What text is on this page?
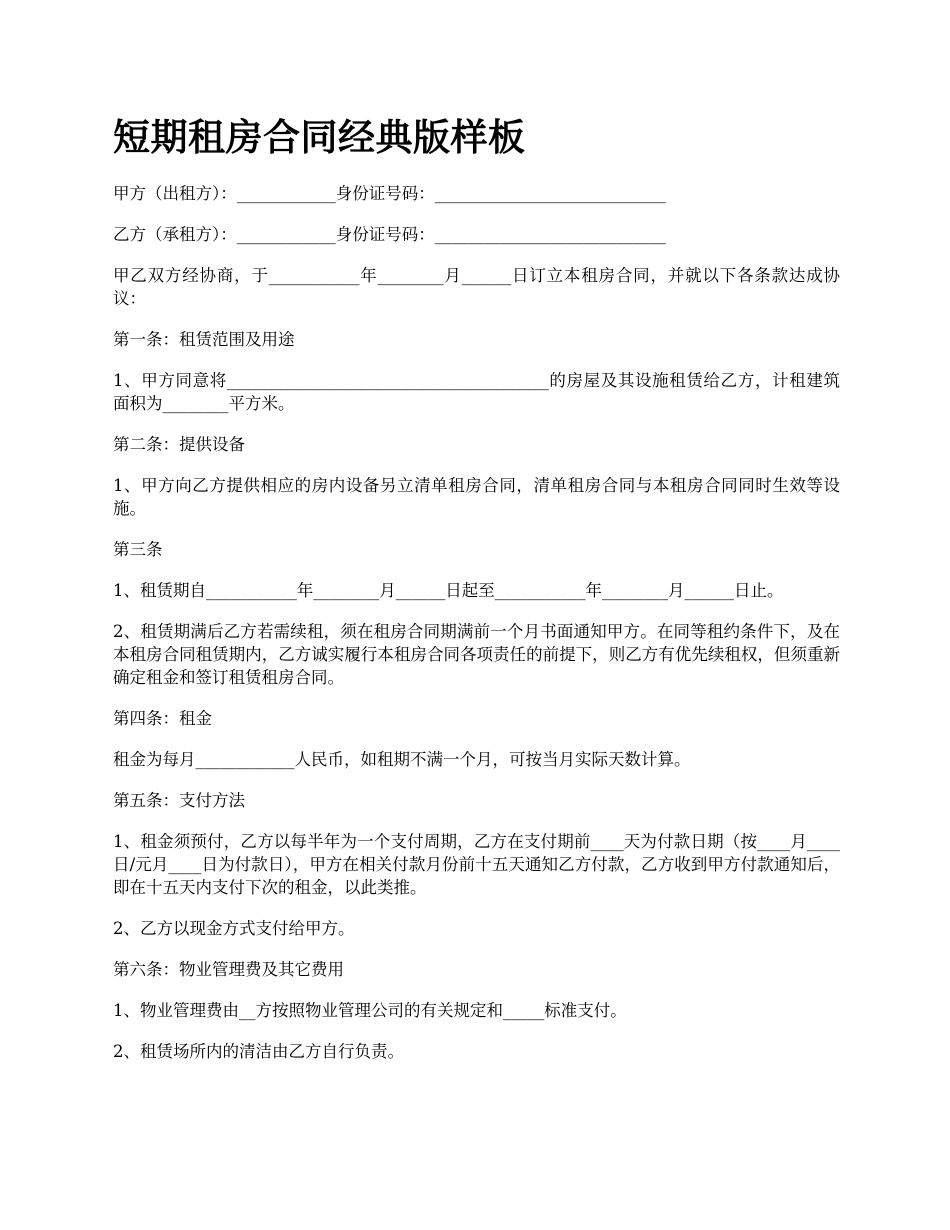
短期租房合同经典版样板

甲方（出租方）：____________身份证号码：____________________________

乙方（承租方）：____________身份证号码：____________________________

甲乙双方经协商，于___________年________月______日订立本租房合同，并就以下各条款达成协议：

第一条：租赁范围及用途

1、甲方同意将_______________________________________的房屋及其设施租赁给乙方，计租建筑面积为________平方米。

第二条：提供设备

1、甲方向乙方提供相应的房内设备另立清单租房合同，清单租房合同与本租房合同同时生效等设施。

第三条

1、租赁期自___________年________月______日起至___________年________月______日止。

2、租赁期满后乙方若需续租，须在租房合同期满前一个月书面通知甲方。在同等租约条件下，及在本租房合同租赁期内，乙方诚实履行本租房合同各项责任的前提下，则乙方有优先续租权，但须重新确定租金和签订租赁租房合同。

第四条：租金

租金为每月____________人民币，如租期不满一个月，可按当月实际天数计算。

第五条：支付方法

1、租金须预付，乙方以每半年为一个支付周期，乙方在支付期前____天为付款日期（按____月____日/元月____日为付款日），甲方在相关付款月份前十五天通知乙方付款，乙方收到甲方付款通知后，即在十五天内支付下次的租金，以此类推。

2、乙方以现金方式支付给甲方。

第六条：物业管理费及其它费用

1、物业管理费由__方按照物业管理公司的有关规定和_____标准支付。

2、租赁场所内的清洁由乙方自行负责。
